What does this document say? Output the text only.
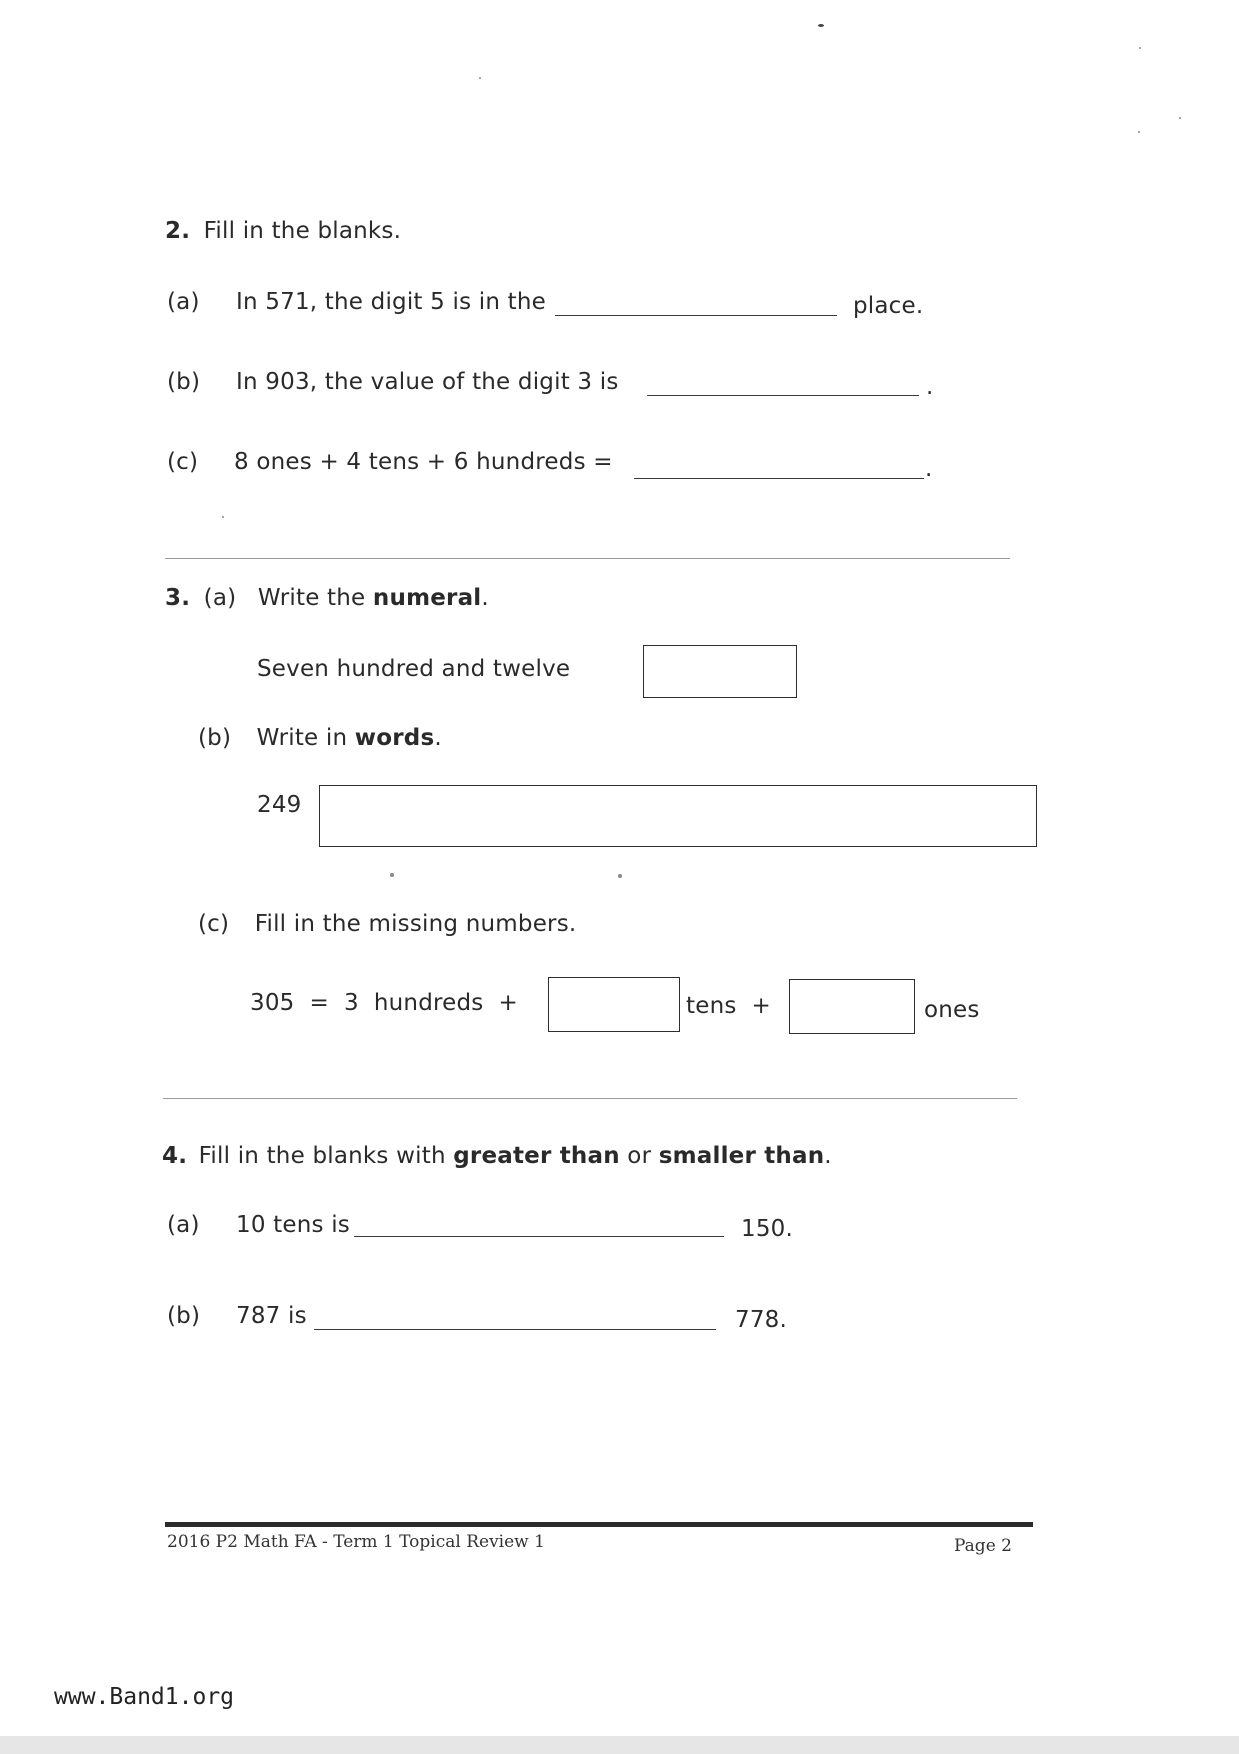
2. Fill in the blanks.
(a) In 571, the digit 5 is in the	place.
(b) In 903, the value of the digit 3 is	.
(c) 8 ones + 4 tens + 6 hundreds =	.
3. (a) Write the numeral.
Seven hundred and twelve
(b) Write in words.
249
(c) Fill in the missing numbers.
305  =  3  hundreds  +	tens  +	ones
4. Fill in the blanks with greater than or smaller than.
(a) 10 tens is	150.
(b) 787 is	778.
2016 P2 Math FA - Term 1 Topical Review 1	Page 2
www.Band1.org
